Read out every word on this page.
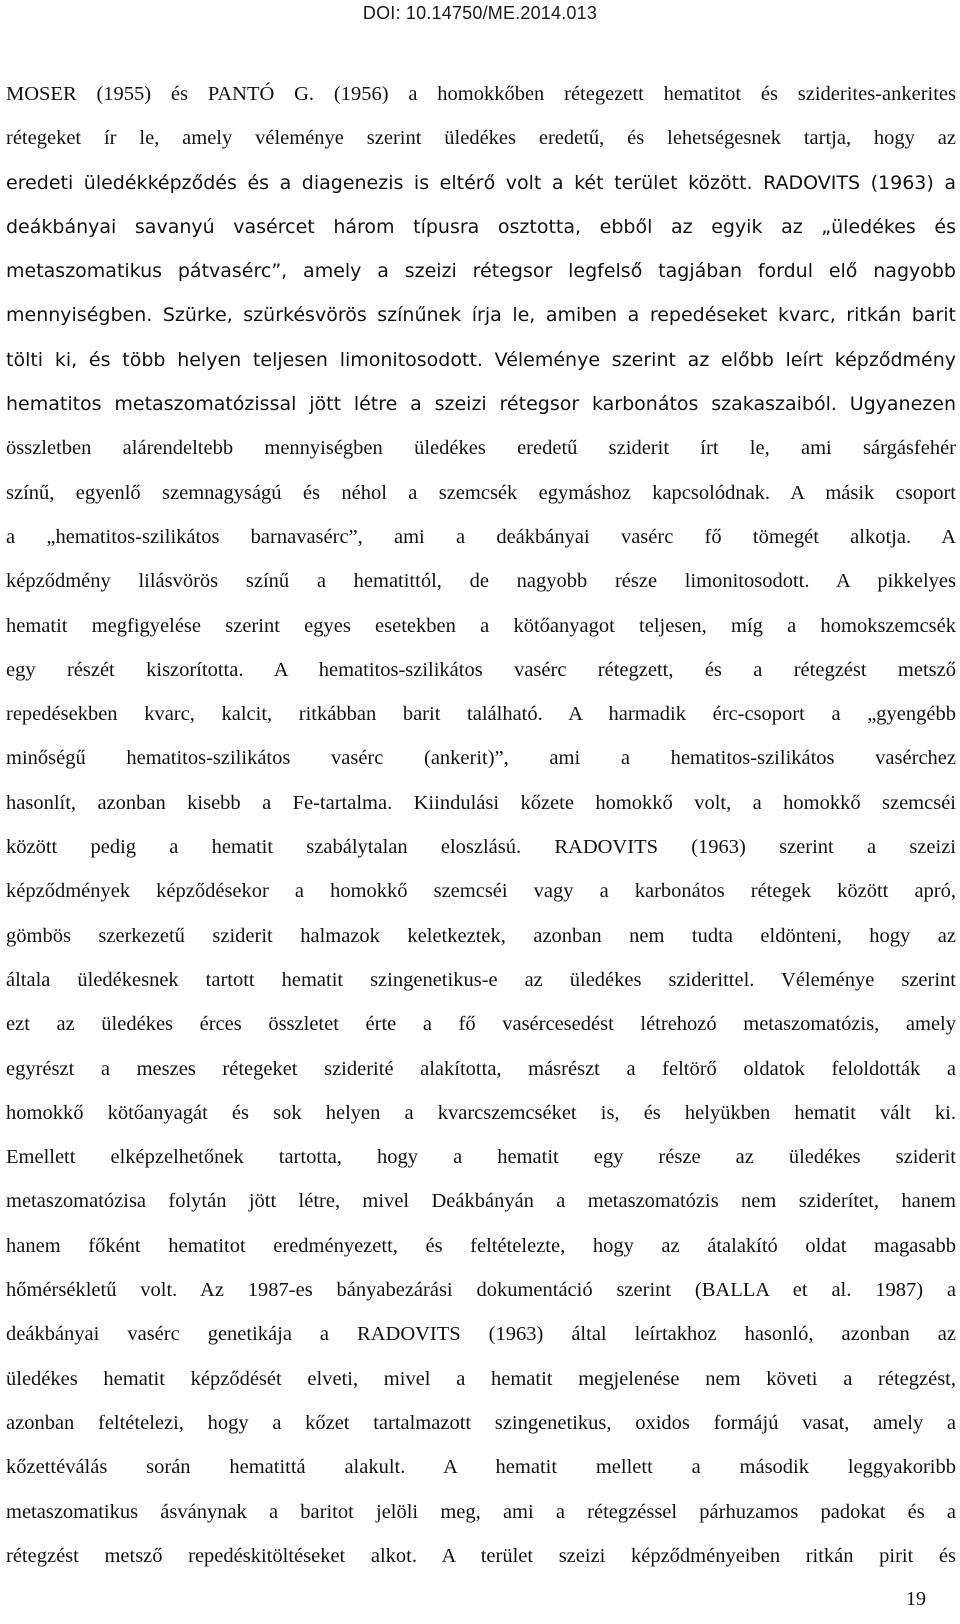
DOI: 10.14750/ME.2014.013
MOSER (1955) és PANTÓ G. (1956) a homokkőben rétegezett hematitot és sziderites-ankerites
rétegeket ír le, amely véleménye szerint üledékes eredetű, és lehetségesnek tartja, hogy az
eredeti üledékképződés és a diagenezis is eltérő volt a két terület között. RADOVITS (1963) a
deákbányai savanyú vasércet három típusra osztotta, ebből az egyik az „üledékes és
metaszomatikus pátvasérc”, amely a szeizi rétegsor legfelső tagjában fordul elő nagyobb
mennyiségben. Szürke, szürkésvörös színűnek írja le, amiben a repedéseket kvarc, ritkán barit
tölti ki, és több helyen teljesen limonitosodott. Véleménye szerint az előbb leírt képződmény
hematitos metaszomatózissal jött létre a szeizi rétegsor karbonátos szakaszaiból. Ugyanezen
összletben alárendeltebb mennyiségben üledékes eredetű sziderit írt le, ami sárgásfehér
színű, egyenlő szemnagyságú és néhol a szemcsék egymáshoz kapcsolódnak. A másik csoport
a „hematitos-szilikátos barnavasérc”, ami a deákbányai vasérc fő tömegét alkotja. A
képződmény lilásvörös színű a hematittól, de nagyobb része limonitosodott. A pikkelyes
hematit megfigyelése szerint egyes esetekben a kötőanyagot teljesen, míg a homokszemcsék
egy részét kiszorította. A hematitos-szilikátos vasérc rétegzett, és a rétegzést metsző
repedésekben kvarc, kalcit, ritkábban barit található. A harmadik érc-csoport a „gyengébb
minőségű hematitos-szilikátos vasérc (ankerit)”, ami a hematitos-szilikátos vasérchez
hasonlít, azonban kisebb a Fe-tartalma. Kiindulási kőzete homokkő volt, a homokkő szemcséi
között pedig a hematit szabálytalan eloszlású. RADOVITS (1963) szerint a szeizi
képződmények képződésekor a homokkő szemcséi vagy a karbonátos rétegek között apró,
gömbös szerkezetű sziderit halmazok keletkeztek, azonban nem tudta eldönteni, hogy az
általa üledékesnek tartott hematit szingenetikus-e az üledékes sziderittel. Véleménye szerint
ezt az üledékes érces összletet érte a fő vasércesedést létrehozó metaszomatózis, amely
egyrészt a meszes rétegeket sziderité alakította, másrészt a feltörő oldatok feloldották a
homokkő kötőanyagát és sok helyen a kvarcszemcséket is, és helyükben hematit vált ki.
Emellett elképzelhetőnek tartotta, hogy a hematit egy része az üledékes sziderit
metaszomatózisa folytán jött létre, mivel Deákbányán a metaszomatózis nem sziderítet, hanem
hanem főként hematitot eredményezett, és feltételezte, hogy az átalakító oldat magasabb
hőmérsékletű volt. Az 1987-es bányabezárási dokumentáció szerint (BALLA et al. 1987) a
deákbányai vasérc genetikája a RADOVITS (1963) által leírtakhoz hasonló, azonban az
üledékes hematit képződését elveti, mivel a hematit megjelenése nem követi a rétegzést,
azonban feltételezi, hogy a kőzet tartalmazott szingenetikus, oxidos formájú vasat, amely a
kőzettéválás során hematittá alakult. A hematit mellett a második leggyakoribb
metaszomatikus ásványnak a baritot jelöli meg, ami a rétegzéssel párhuzamos padokat és a
rétegzést metsző repedéskitöltéseket alkot. A terület szeizi képződményeiben ritkán pirit és
19
